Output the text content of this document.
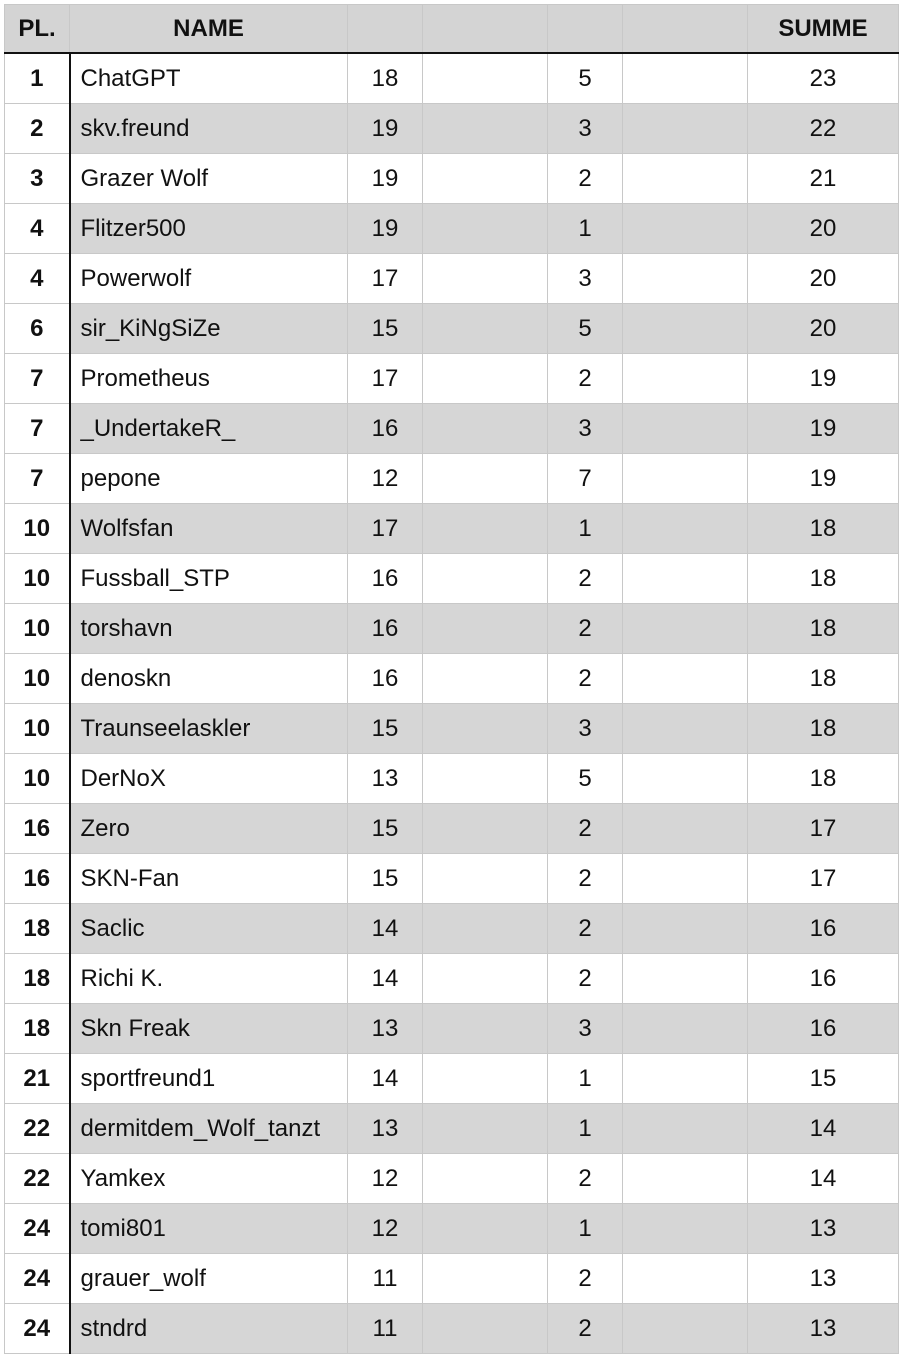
PL.	NAME					SUMME
1	ChatGPT	18		5		23
2	skv.freund	19		3		22
3	Grazer Wolf	19		2		21
4	Flitzer500	19		1		20
4	Powerwolf	17		3		20
6	sir_KiNgSiZe	15		5		20
7	Prometheus	17		2		19
7	_UndertakeR_	16		3		19
7	pepone	12		7		19
10	Wolfsfan	17		1		18
10	Fussball_STP	16		2		18
10	torshavn	16		2		18
10	denoskn	16		2		18
10	Traunseelaskler	15		3		18
10	DerNoX	13		5		18
16	Zero	15		2		17
16	SKN-Fan	15		2		17
18	Saclic	14		2		16
18	Richi K.	14		2		16
18	Skn Freak	13		3		16
21	sportfreund1	14		1		15
22	dermitdem_Wolf_tanzt	13		1		14
22	Yamkex	12		2		14
24	tomi801	12		1		13
24	grauer_wolf	11		2		13
24	stndrd	11		2		13
